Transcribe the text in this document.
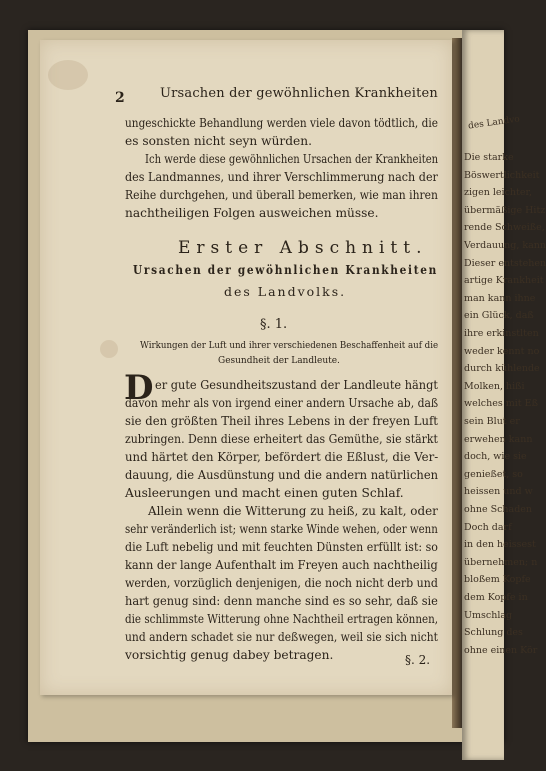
des Landvo
Die starke
Böswertlichkeit
zigen leichter,
übermäßige Hitz
rende Schweiße,
Verdauung, kann
Dieser entstehen
artige Krankheit
man kann ihne
ein Glück, daß
ihre erkinstlten
weder kennt no
durch kühlende
Molken, hißi
welches mit Eß
sein Blut er
erwehen kann
doch, wie sie
genießet, so
heissen und w
ohne Schaden
Doch darf
in den heissest
übernehmen; n
bloßem Kopfe
dem Kopfe in
Umschlag
Schlung des
ohne einen Kör
2	Ursachen der gewöhnlichen Krankheiten
ungeschickte Behandlung werden viele davon tödtlich, die
es sonsten nicht seyn würden.
Ich werde diese gewöhnlichen Ursachen der Krankheiten
des Landmannes, und ihrer Verschlimmerung nach der
Reihe durchgehen, und überall bemerken, wie man ihren
nachtheiligen Folgen ausweichen müsse.
Erster Abschnitt.
Ursachen der gewöhnlichen Krankheiten
des Landvolks.
§. 1.
Wirkungen der Luft und ihrer verschiedenen Beschaffenheit auf die
Gesundheit der Landleute.
D er gute Gesundheitszustand der Landleute hängt
davon mehr als von irgend einer andern Ursache ab, daß
sie den größten Theil ihres Lebens in der freyen Luft
zubringen. Denn diese erheitert das Gemüthe, sie stärkt
und härtet den Körper, befördert die Eßlust, die Ver-
dauung, die Ausdünstung und die andern natürlichen
Ausleerungen und macht einen guten Schlaf.
Allein wenn die Witterung zu heiß, zu kalt, oder
sehr veränderlich ist; wenn starke Winde wehen, oder wenn
die Luft nebelig und mit feuchten Dünsten erfüllt ist: so
kann der lange Aufenthalt im Freyen auch nachtheilig
werden, vorzüglich denjenigen, die noch nicht derb und
hart genug sind: denn manche sind es so sehr, daß sie
die schlimmste Witterung ohne Nachtheil ertragen können,
und andern schadet sie nur deßwegen, weil sie sich nicht
vorsichtig genug dabey betragen.	§. 2.
